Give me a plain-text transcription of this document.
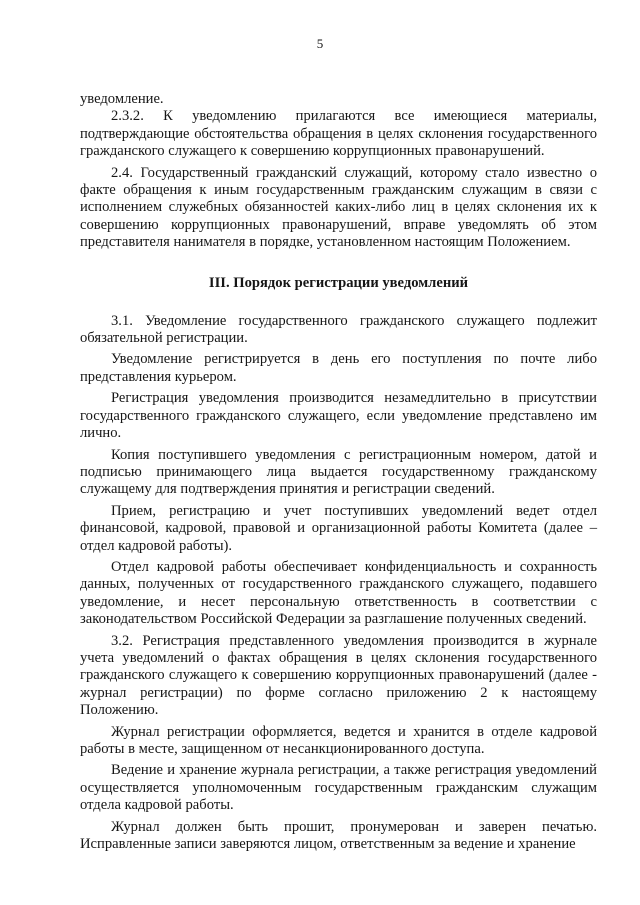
5

уведомление.

2.3.2. К уведомлению прилагаются все имеющиеся материалы, подтверждающие обстоятельства обращения в целях склонения государственного гражданского служащего к совершению коррупционных правонарушений.

2.4. Государственный гражданский служащий, которому стало известно о факте обращения к иным государственным гражданским служащим в связи с исполнением служебных обязанностей каких-либо лиц в целях склонения их к совершению коррупционных правонарушений, вправе уведомлять об этом представителя нанимателя в порядке, установленном настоящим Положением.

III. Порядок регистрации уведомлений

3.1. Уведомление государственного гражданского служащего подлежит обязательной регистрации.

Уведомление регистрируется в день его поступления по почте либо представления курьером.

Регистрация уведомления производится незамедлительно в присутствии государственного гражданского служащего, если уведомление представлено им лично.

Копия поступившего уведомления с регистрационным номером, датой и подписью принимающего лица выдается государственному гражданскому служащему для подтверждения принятия и регистрации сведений.

Прием, регистрацию и учет поступивших уведомлений ведет отдел финансовой, кадровой, правовой и организационной работы Комитета (далее – отдел кадровой работы).

Отдел кадровой работы обеспечивает конфиденциальность и сохранность данных, полученных от государственного гражданского служащего, подавшего уведомление, и несет персональную ответственность в соответствии с законодательством Российской Федерации за разглашение полученных сведений.

3.2. Регистрация представленного уведомления производится в журнале учета уведомлений о фактах обращения в целях склонения государственного гражданского служащего к совершению коррупционных правонарушений (далее - журнал регистрации) по форме согласно приложению 2 к настоящему Положению.

Журнал регистрации оформляется, ведется и хранится в отделе кадровой работы в месте, защищенном от несанкционированного доступа.

Ведение и хранение журнала регистрации, а также регистрация уведомлений осуществляется уполномоченным государственным гражданским служащим отдела кадровой работы.

Журнал должен быть прошит, пронумерован и заверен печатью. Исправленные записи заверяются лицом, ответственным за ведение и хранение
